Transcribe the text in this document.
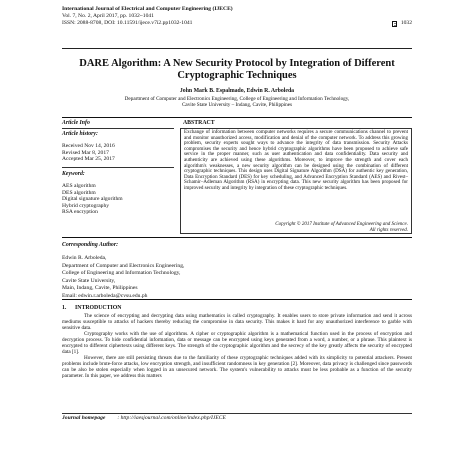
International Journal of Electrical and Computer Engineering (IJECE)
Vol. 7, No. 2, April 2017, pp. 1032~1041
ISSN: 2088-8708, DOI: 10.11591/ijece.v7i2.pp1032-1041	1032
DARE Algorithm: A New Security Protocol by Integration of Different Cryptographic Techniques
John Mark B. Espalmado, Edwin R. Arboleda
Department of Computer and Electronics Engineering, College of Engineering and Information Technology,
Cavite State University – Indang, Cavite, Philippines
Article Info
Article history:
Received Nov 14, 2016
Revised Mar 8, 2017
Accepted Mar 25, 2017
Keyword:
AES algorithm
DES algorithm
Digital signature algorithm
Hybrid cryptography
RSA encryption
ABSTRACT
Exchange of information between computer networks requires a secure communications channel to prevent and monitor unauthorized access, modification and denial of the computer network. To address this growing problem, security experts sought ways to advance the integrity of data transmission. Security Attacks compromises the security and hence hybrid cryptographic algorithms have been proposed to achieve safe service in the proper manner, such as user authentication and data confidentiality. Data security and authenticity are achieved using these algorithms. Moreover, to improve the strength and cover each algorithm's weaknesses, a new security algorithm can be designed using the combination of different cryptographic techniques. This design uses Digital Signature Algorithm (DSA) for authentic key generation, Data Encryption Standard (DES) for key scheduling, and Advanced Encryption Standard (AES) and Rivest–Schamir–Adleman Algorithm (RSA) in encrypting data. This new security algorithm has been proposed for improved security and integrity by integration of these cryptographic techniques.
Copyright © 2017 Institute of Advanced Engineering and Science.
All rights reserved.
Corresponding Author:
Edwin R. Arboleda,
Department of Computer and Electronics Engineering,
College of Engineering and Information Technology,
Cavite State University,
Main, Indang, Cavite, Philippines
Email: edwin.r.arboleda@cvsu.edu.ph
1.      INTRODUCTION

The science of encrypting and decrypting data using mathematics is called cryptography. It enables users to store private information and send it across mediums susceptible to attacks of hackers thereby reducing the compromise in data security. This makes it hard for any unauthorized interference to garble with sensitive data.

Cryptography works with the use of algorithms. A cipher or cryptographic algorithm is a mathematical function used in the process of encryption and decryption process. To hide confidential information, data or message can be encrypted using keys generated from a word, a number, or a phrase. This plaintext is encrypted to different ciphertexts using different keys. The strength of the cryptographic algorithm and the secrecy of the key greatly affects the security of encrypted data [1].

However, there are still persisting threats due to the familiarity of these cryptographic techniques added with its simplicity to potential attackers. Present problems include brute-force attacks, low encryption strength, and insufficient randomness in key generation [2]. Moreover, data privacy is challenged since passwords can be also be stolen especially when logged in an unsecured network. The system's vulnerability to attacks must be less probable as a function of the security parameter. In this paper, we address this matters

Journal homepage : http://iaesjournal.com/online/index.php/IJECE
